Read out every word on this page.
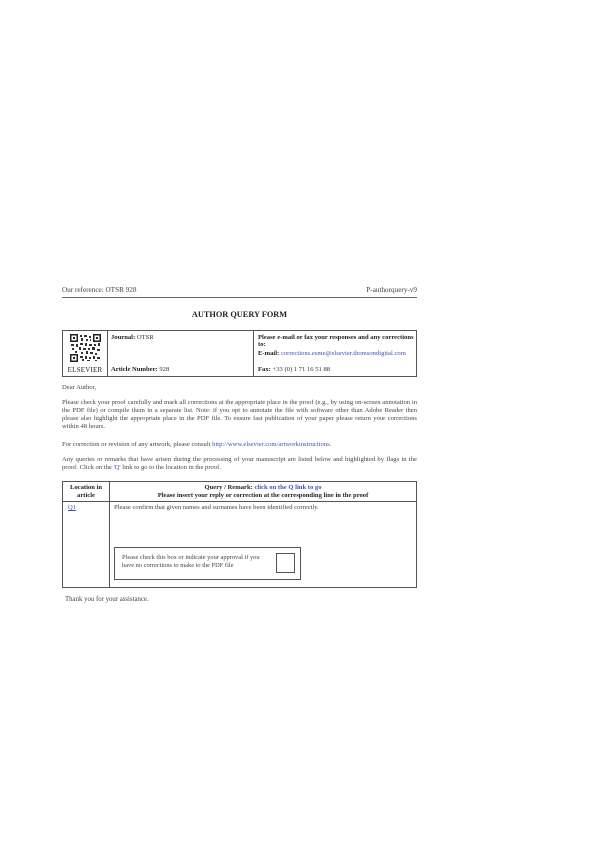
Our reference: OTSR 928	P-authorquery-v9
AUTHOR QUERY FORM
ELSEVIER
Journal: OTSR
Article Number: 928
Please e-mail or fax your responses and any corrections to:
E-mail: corrections.esme@elsevier.thomsondigital.com
Fax: +33 (0) 1 71 16 51 88
Dear Author,
Please check your proof carefully and mark all corrections at the appropriate place in the proof (e.g., by using on-screen annotation in the PDF file) or compile them in a separate list. Note: if you opt to annotate the file with software other than Adobe Reader then please also highlight the appropriate place in the PDF file. To ensure fast publication of your paper please return your corrections within 48 hours.
For correction or revision of any artwork, please consult http://www.elsevier.com/artworkinstructions.
Any queries or remarks that have arisen during the processing of your manuscript are listed below and highlighted by flags in the proof. Click on the 'Q' link to go to the location in the proof.
Location in
article
Query / Remark: click on the Q link to go
Please insert your reply or correction at the corresponding line in the proof
Q1	Please confirm that given names and surnames have been identified correctly.
Please check this box or indicate your approval if you have no corrections to make to the PDF file
Thank you for your assistance.
